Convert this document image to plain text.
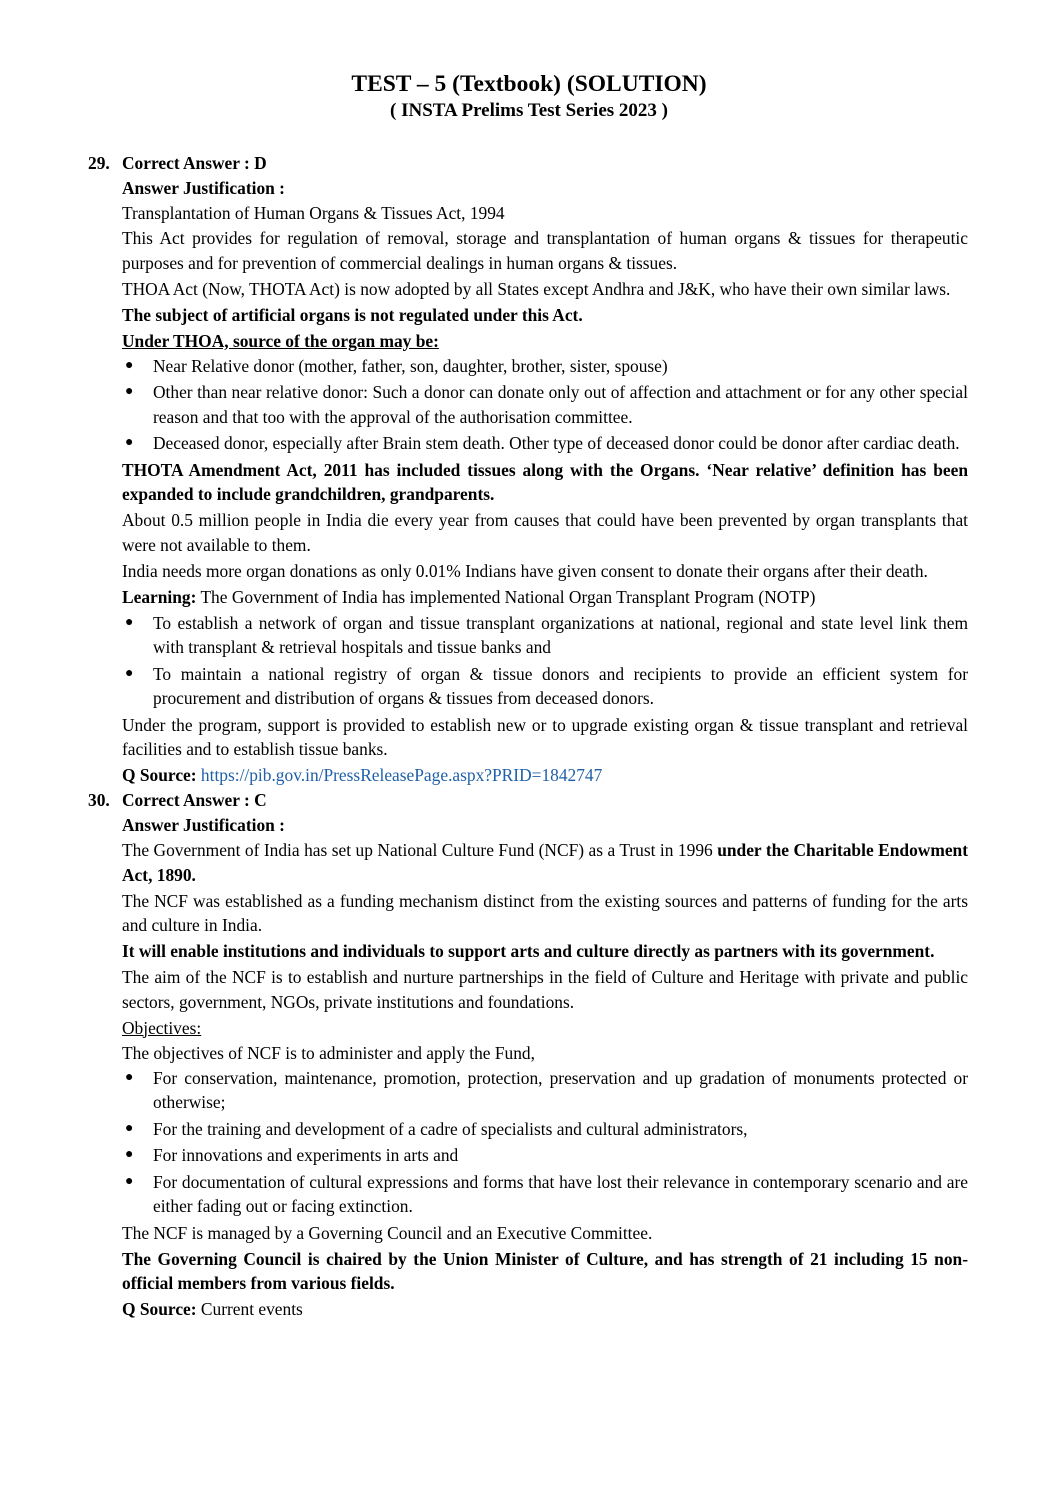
TEST – 5 (Textbook) (SOLUTION)
( INSTA Prelims Test Series 2023 )
29. Correct Answer : D

Answer Justification :

Transplantation of Human Organs & Tissues Act, 1994

This Act provides for regulation of removal, storage and transplantation of human organs & tissues for therapeutic purposes and for prevention of commercial dealings in human organs & tissues.

THOA Act (Now, THOTA Act) is now adopted by all States except Andhra and J&K, who have their own similar laws.

The subject of artificial organs is not regulated under this Act.

Under THOA, source of the organ may be:

● Near Relative donor (mother, father, son, daughter, brother, sister, spouse)
● Other than near relative donor: Such a donor can donate only out of affection and attachment or for any other special reason and that too with the approval of the authorisation committee.
● Deceased donor, especially after Brain stem death. Other type of deceased donor could be donor after cardiac death.

THOTA Amendment Act, 2011 has included tissues along with the Organs. ‘Near relative’ definition has been expanded to include grandchildren, grandparents.

About 0.5 million people in India die every year from causes that could have been prevented by organ transplants that were not available to them.

India needs more organ donations as only 0.01% Indians have given consent to donate their organs after their death.

Learning: The Government of India has implemented National Organ Transplant Program (NOTP)

● To establish a network of organ and tissue transplant organizations at national, regional and state level link them with transplant & retrieval hospitals and tissue banks and
● To maintain a national registry of organ & tissue donors and recipients to provide an efficient system for procurement and distribution of organs & tissues from deceased donors.

Under the program, support is provided to establish new or to upgrade existing organ & tissue transplant and retrieval facilities and to establish tissue banks.

Q Source: https://pib.gov.in/PressReleasePage.aspx?PRID=1842747

30. Correct Answer : C

Answer Justification :

The Government of India has set up National Culture Fund (NCF) as a Trust in 1996 under the Charitable Endowment Act, 1890.

The NCF was established as a funding mechanism distinct from the existing sources and patterns of funding for the arts and culture in India.

It will enable institutions and individuals to support arts and culture directly as partners with its government.

The aim of the NCF is to establish and nurture partnerships in the field of Culture and Heritage with private and public sectors, government, NGOs, private institutions and foundations.

Objectives:

The objectives of NCF is to administer and apply the Fund,

● For conservation, maintenance, promotion, protection, preservation and up gradation of monuments protected or otherwise;
● For the training and development of a cadre of specialists and cultural administrators,
● For innovations and experiments in arts and
● For documentation of cultural expressions and forms that have lost their relevance in contemporary scenario and are either fading out or facing extinction.

The NCF is managed by a Governing Council and an Executive Committee.

The Governing Council is chaired by the Union Minister of Culture, and has strength of 21 including 15 non-official members from various fields.

Q Source: Current events
